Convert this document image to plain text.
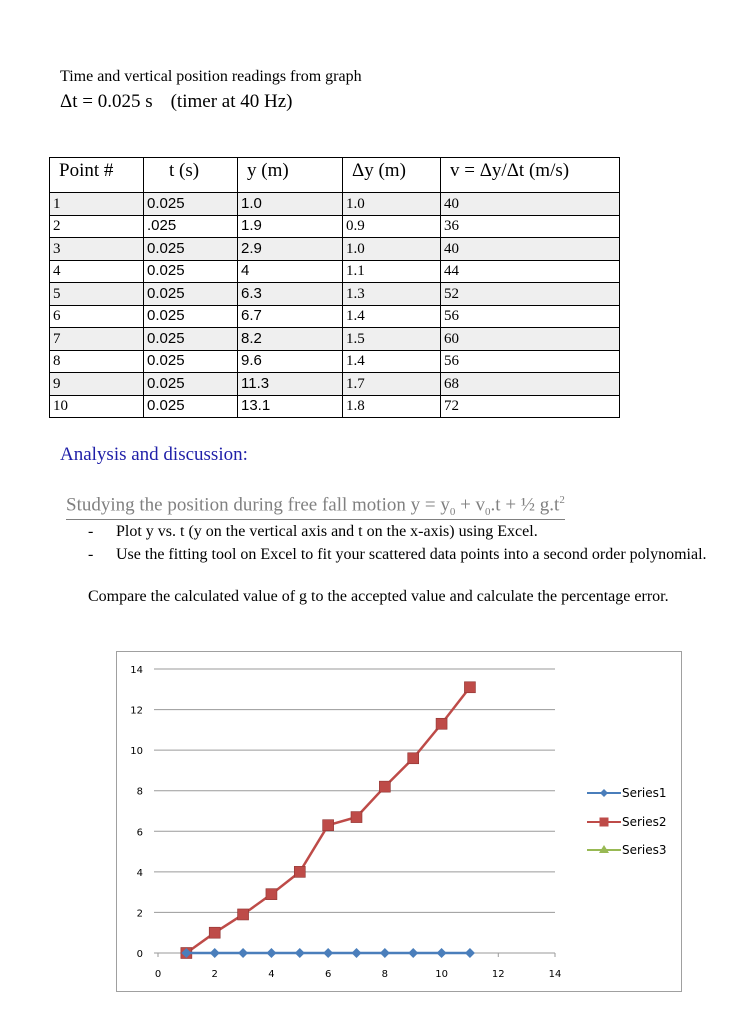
Time and vertical position readings from graph
Δt = 0.025 s (timer at 40 Hz)
Point #	t (s)	y (m)	Δy (m)	v = Δy/Δt (m/s)
1	0.025	1.0	1.0	40
2	.025	1.9	0.9	36
3	0.025	2.9	1.0	40
4	0.025	4	1.1	44
5	0.025	6.3	1.3	52
6	0.025	6.7	1.4	56
7	0.025	8.2	1.5	60
8	0.025	9.6	1.4	56
9	0.025	11.3	1.7	68
10	0.025	13.1	1.8	72
Analysis and discussion:
Studying the position during free fall motion $y = y_0 + v_0.t$ + ½ $g.t^2$
- Plot y vs. t (y on the vertical axis and t on the x-axis) using Excel.
- Use the fitting tool on Excel to fit your scattered data points into a second order polynomial.
Compare the calculated value of g to the accepted value and calculate the percentage error.
0
2
4
6
8
10
12
14
0	2	4	6	8	10	12	14
Series1
Series2
Series3
